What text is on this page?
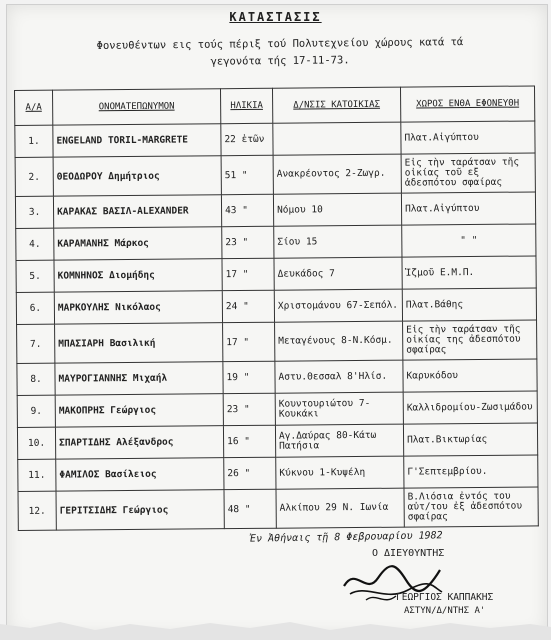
ΚΑΤΑΣΤΑΣΙΣ
Φονευθέντων εις τούς πέριξ τού Πολυτεχνείου χώρους κατά τά
γεγονότα τής 17-11-73.
Α/Α	ΟΝΟΜΑΤΕΠΩΝΥΜΟΝ	ΗΛΙΚΙΑ	Δ/ΝΣΙΣ ΚΑΤΟΙΚΙΑΣ	ΧΩΡΟΣ ΕΝΘΑ ΕΦΟΝΕΥΘΗ
1.	ENGELAND TORIL-MARGRETE	22 ἐτῶν		Πλατ.Αἰγύπτου
2.	ΘΕΟΔΩΡΟΥ Δημήτριος	51 "	Ανακρέοντος 2-Ζωγρ.	Εἰς τὴν ταράτσαν τῆς οἰκίας τοῦ εξ ἀδεσπότου σφαίρας
3.	ΚΑΡΑΚΑΣ ΒΑΣΙΛ-ALEXANDER	43 "	Νόμου 10	Πλατ.Αἰγύπτου
4.	ΚΑΡΑΜΑΝΗΣ Μάρκος	23 "	Σίου 15	" "
5.	ΚΟΜΝΗΝΟΣ Διομήδης	17 "	Δευκάδος 7	Ἰζμοῦ Ε.Μ.Π.
6.	ΜΑΡΚΟΥΛΗΣ Νικόλαος	24 "	Χριστομάνου 67-Σεπόλ.	Πλατ.Βάθης
7.	ΜΠΑΣΙΑΡΗ Βασιλική	17 "	Μεταγένους 8-Ν.Κόσμ.	Εἰς τὴν ταράτσαν τῆς οἰκίας της ἀδεσπότου σφαίρας
8.	ΜΑΥΡΟΓΙΑΝΝΗΣ Μιχαήλ	19 "	Αστυ.Θεσσαλ 8'Ηλίσ.	Καρυκόδου
9.	ΜΑΚΟΠΡΗΣ Γεώργιος	23 "	Κουντουριώτου 7-Κουκάκι	Καλλιδρομίου-Ζωσιμάδου
10.	ΣΠΑΡΤΙΔΗΣ Αλέξανδρος	16 "	Αγ.Δαύρας 80-Κάτω Πατήσια	Πλατ.Βικτωρίας
11.	ΦΑΜΙΛΟΣ Βασίλειος	26 "	Κύκνου 1-Κυψέλη	Γ'Σεπτεμβρίου.
12.	ΓΕΡΙΤΣΙΔΗΣ Γεώργιος	48 "	Αλκίπου 29 Ν. Ιωνία	Β.Λιόσια ἐντός του αὐτ/του ἐξ ἀδεσπότου σφαίρας
Ἐν Ἀθήναις τῇ 8 Φεβρουαρίου 1982
Ο ΔΙΕΥΘΥΝΤΗΣ
ΓΕΩΡΓΙΟΣ ΚΑΠΠΑΚΗΣ
ΑΣΤΥΝ/Δ/ΝΤΗΣ Α'
